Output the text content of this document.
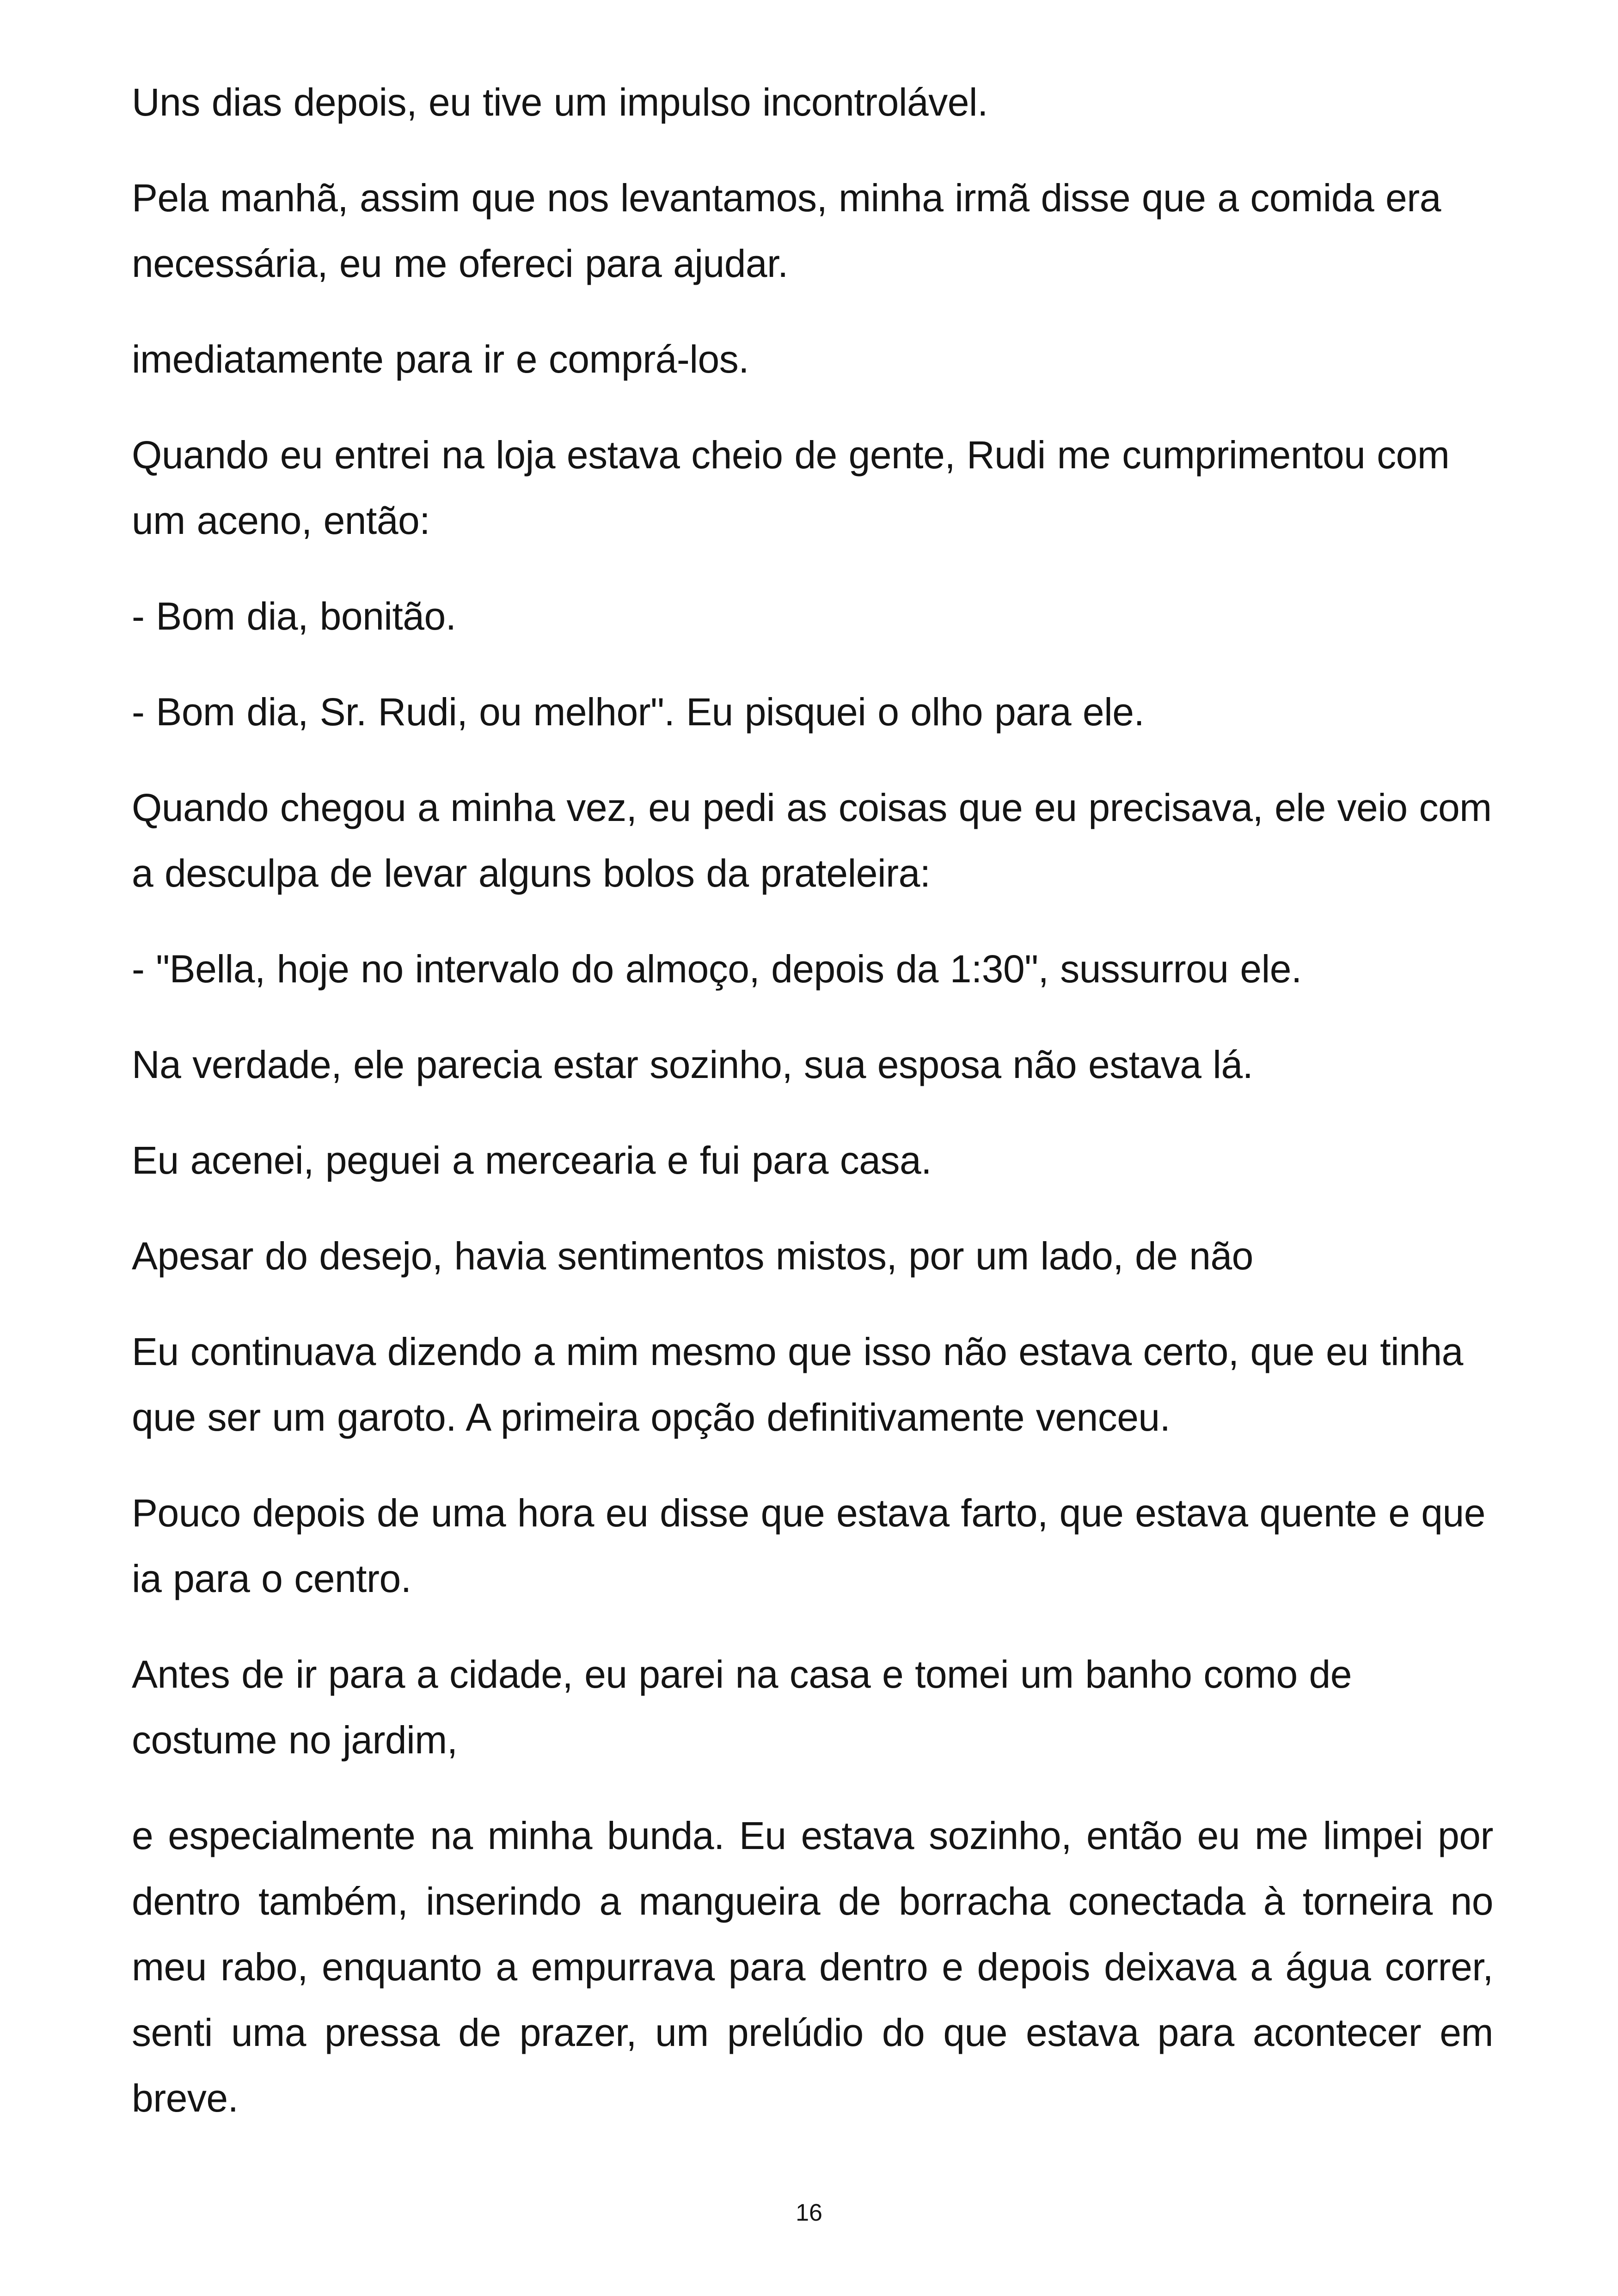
Uns dias depois, eu tive um impulso incontrolável.

Pela manhã, assim que nos levantamos, minha irmã disse que a comida era necessária, eu me ofereci para ajudar.

imediatamente para ir e comprá-los.

Quando eu entrei na loja estava cheio de gente, Rudi me cumprimentou com um aceno, então:

- Bom dia, bonitão.

- Bom dia, Sr. Rudi, ou melhor". Eu pisquei o olho para ele.

Quando chegou a minha vez, eu pedi as coisas que eu precisava, ele veio com a desculpa de levar alguns bolos da prateleira:

- "Bella, hoje no intervalo do almoço, depois da 1:30", sussurrou ele.

Na verdade, ele parecia estar sozinho, sua esposa não estava lá.

Eu acenei, peguei a mercearia e fui para casa.

Apesar do desejo, havia sentimentos mistos, por um lado, de não

Eu continuava dizendo a mim mesmo que isso não estava certo, que eu tinha que ser um garoto. A primeira opção definitivamente venceu.

Pouco depois de uma hora eu disse que estava farto, que estava quente e que ia para o centro.

Antes de ir para a cidade, eu parei na casa e tomei um banho como de costume no jardim,

e especialmente na minha bunda. Eu estava sozinho, então eu me limpei por dentro também, inserindo a mangueira de borracha conectada à torneira no meu rabo, enquanto a empurrava para dentro e depois deixava a água correr, senti uma pressa de prazer, um prelúdio do que estava para acontecer em breve.

16
